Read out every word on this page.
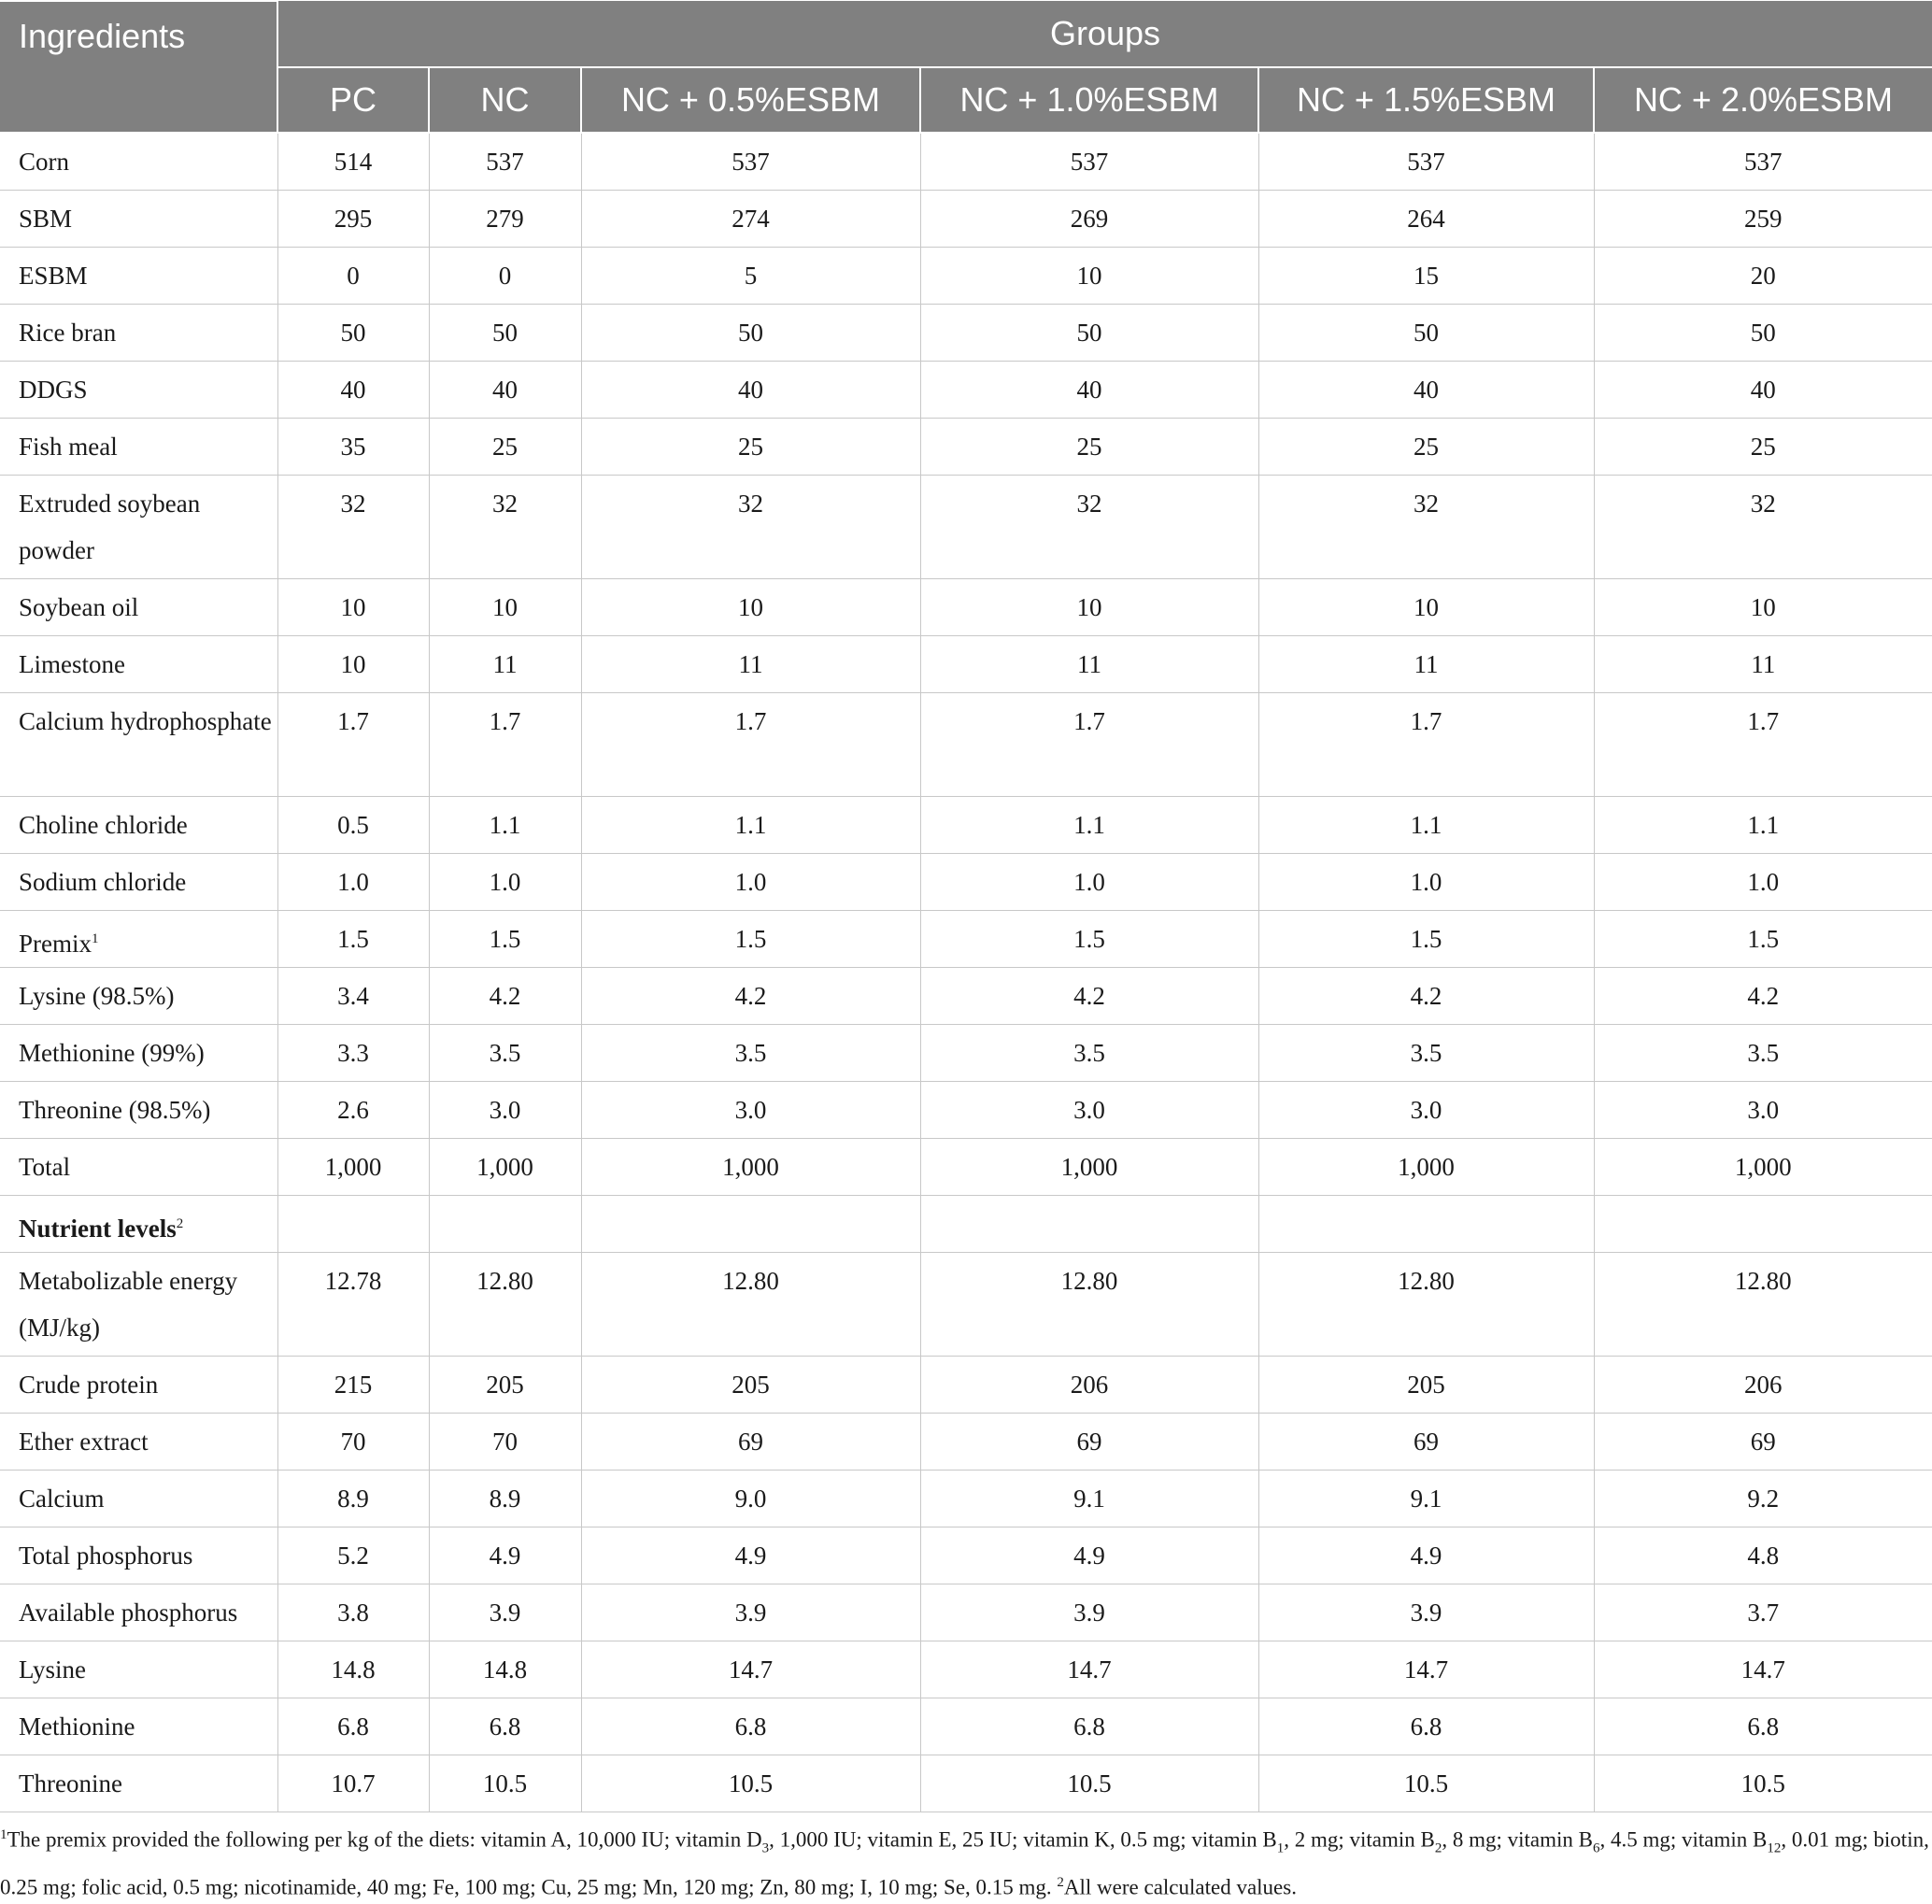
Ingredients	Groups					
	PC	NC	NC + 0.5%ESBM	NC + 1.0%ESBM	NC + 1.5%ESBM	NC + 2.0%ESBM

Corn	514	537	537	537	537	537

SBM	295	279	274	269	264	259

ESBM	0	0	5	10	15	20

Rice bran	50	50	50	50	50	50

DDGS	40	40	40	40	40	40

Fish meal	35	25	25	25	25	25

Extruded soybean powder	32	32	32	32	32	32

Soybean oil	10	10	10	10	10	10

Limestone	10	11	11	11	11	11

Calcium hydrophosphate	1.7	1.7	1.7	1.7	1.7	1.7

Choline chloride	0.5	1.1	1.1	1.1	1.1	1.1

Sodium chloride	1.0	1.0	1.0	1.0	1.0	1.0

Premix$^1$	1.5	1.5	1.5	1.5	1.5	1.5

Lysine (98.5%)	3.4	4.2	4.2	4.2	4.2	4.2

Methionine (99%)	3.3	3.5	3.5	3.5	3.5	3.5

Threonine (98.5%)	2.6	3.0	3.0	3.0	3.0	3.0

Total	1,000	1,000	1,000	1,000	1,000	1,000

Nutrient levels$^2$

Metabolizable energy (MJ/kg)	12.78	12.80	12.80	12.80	12.80	12.80

Crude protein	215	205	205	206	205	206

Ether extract	70	70	69	69	69	69

Calcium	8.9	8.9	9.0	9.1	9.1	9.2

Total phosphorus	5.2	4.9	4.9	4.9	4.9	4.8

Available phosphorus	3.8	3.9	3.9	3.9	3.9	3.7

Lysine	14.8	14.8	14.7	14.7	14.7	14.7

Methionine	6.8	6.8	6.8	6.8	6.8	6.8

Threonine	10.7	10.5	10.5	10.5	10.5	10.5

$^1$The premix provided the following per kg of the diets: vitamin A, 10,000 IU; vitamin $D_3$, 1,000 IU; vitamin E, 25 IU; vitamin K, 0.5 mg; vitamin $B_1$, 2 mg; vitamin $B_2$, 8 mg; vitamin $B_6$, 4.5 mg; vitamin $B_{12}$, 0.01 mg; biotin, 0.25 mg; folic acid, 0.5 mg; nicotinamide, 40 mg; Fe, 100 mg; Cu, 25 mg; Mn, 120 mg; Zn, 80 mg; I, 10 mg; Se, 0.15 mg. $^2$All were calculated values.
